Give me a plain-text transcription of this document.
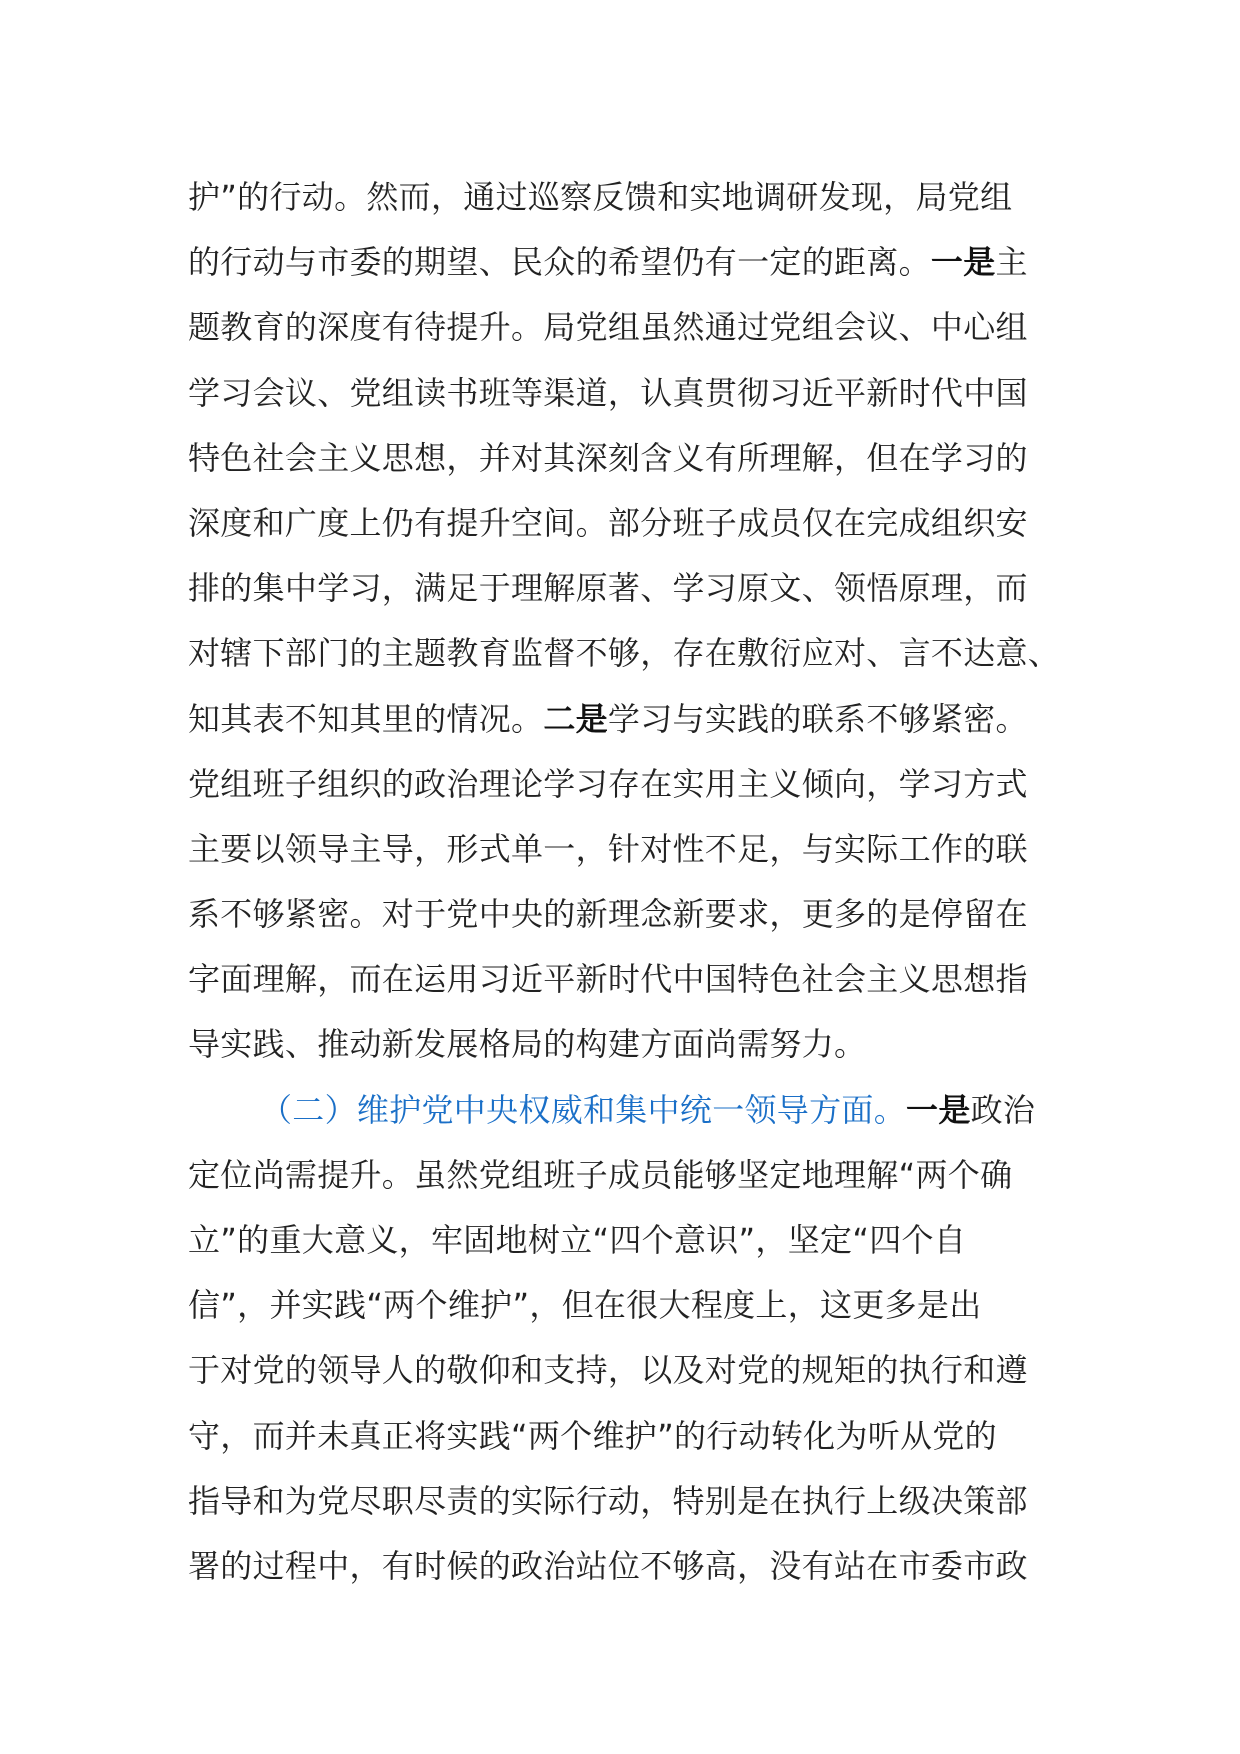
护”的行动。然而，通过巡察反馈和实地调研发现，局党组
的行动与市委的期望、民众的希望仍有一定的距离。一是主
题教育的深度有待提升。局党组虽然通过党组会议、中心组
学习会议、党组读书班等渠道，认真贯彻习近平新时代中国
特色社会主义思想，并对其深刻含义有所理解，但在学习的
深度和广度上仍有提升空间。部分班子成员仅在完成组织安
排的集中学习，满足于理解原著、学习原文、领悟原理，而
对辖下部门的主题教育监督不够，存在敷衍应对、言不达意、
知其表不知其里的情况。二是学习与实践的联系不够紧密。
党组班子组织的政治理论学习存在实用主义倾向，学习方式
主要以领导主导，形式单一，针对性不足，与实际工作的联
系不够紧密。对于党中央的新理念新要求，更多的是停留在
字面理解，而在运用习近平新时代中国特色社会主义思想指
导实践、推动新发展格局的构建方面尚需努力。
（二）维护党中央权威和集中统一领导方面。一是政治
定位尚需提升。虽然党组班子成员能够坚定地理解“两个确
立”的重大意义，牢固地树立“四个意识”，坚定“四个自
信”，并实践“两个维护”，但在很大程度上，这更多是出
于对党的领导人的敬仰和支持，以及对党的规矩的执行和遵
守，而并未真正将实践“两个维护”的行动转化为听从党的
指导和为党尽职尽责的实际行动，特别是在执行上级决策部
署的过程中，有时候的政治站位不够高，没有站在市委市政
